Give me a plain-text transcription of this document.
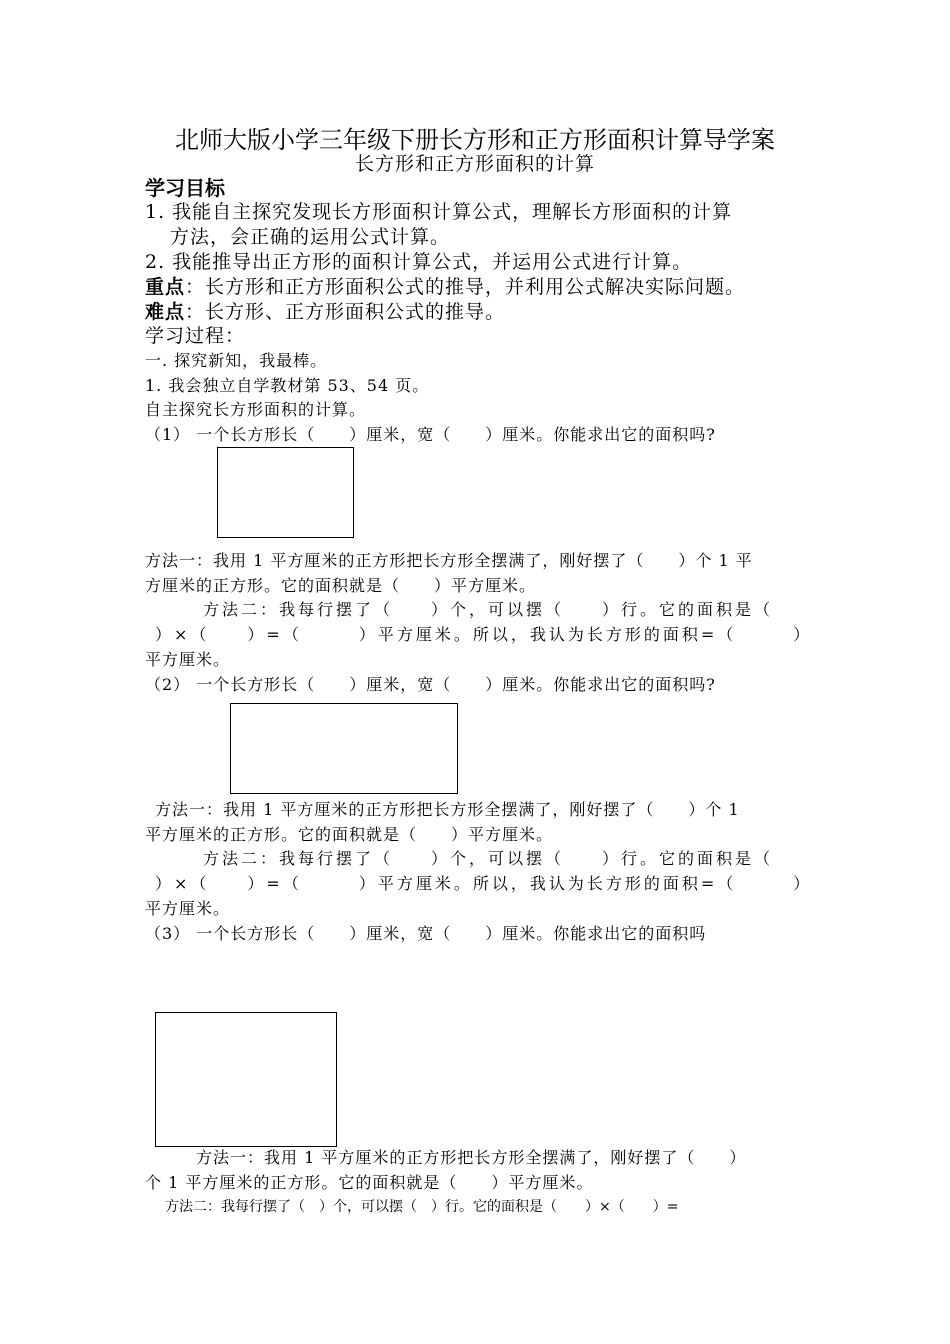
北师大版小学三年级下册长方形和正方形面积计算导学案
长方形和正方形面积的计算
学习目标
1. 我能自主探究发现长方形面积计算公式，理解长方形面积的计算
方法，会正确的运用公式计算。
2. 我能推导出正方形的面积计算公式，并运用公式进行计算。
重点：长方形和正方形面积公式的推导，并利用公式解决实际问题。
难点：长方形、正方形面积公式的推导。
学习过程：
一. 探究新知，我最棒。
1. 我会独立自学教材第 53、54 页。
自主探究长方形面积的计算。
（1） 一个长方形长（　　）厘米，宽（　　）厘米。你能求出它的面积吗?
方法一：我用 1 平方厘米的正方形把长方形全摆满了，刚好摆了（　　）个 1 平
方厘米的正方形。它的面积就是（　　）平方厘米。
方法二：我每行摆了（　　）个，可以摆（　　）行。它的面积是（
）×（　　）=（　　　）平方厘米。所以，我认为长方形的面积=（　　　）
平方厘米。
（2） 一个长方形长（　　）厘米，宽（　　）厘米。你能求出它的面积吗?
方法一：我用 1 平方厘米的正方形把长方形全摆满了，刚好摆了（　　）个 1
平方厘米的正方形。它的面积就是（　　）平方厘米。
方法二：我每行摆了（　　）个，可以摆（　　）行。它的面积是（
）×（　　）=（　　　）平方厘米。所以，我认为长方形的面积=（　　　）
平方厘米。
（3） 一个长方形长（　　）厘米，宽（　　）厘米。你能求出它的面积吗
方法一：我用 1 平方厘米的正方形把长方形全摆满了，刚好摆了（　　）
个 1 平方厘米的正方形。它的面积就是（　　）平方厘米。
方法二：我每行摆了（　）个，可以摆（　）行。它的面积是（　　）×（　　）=
